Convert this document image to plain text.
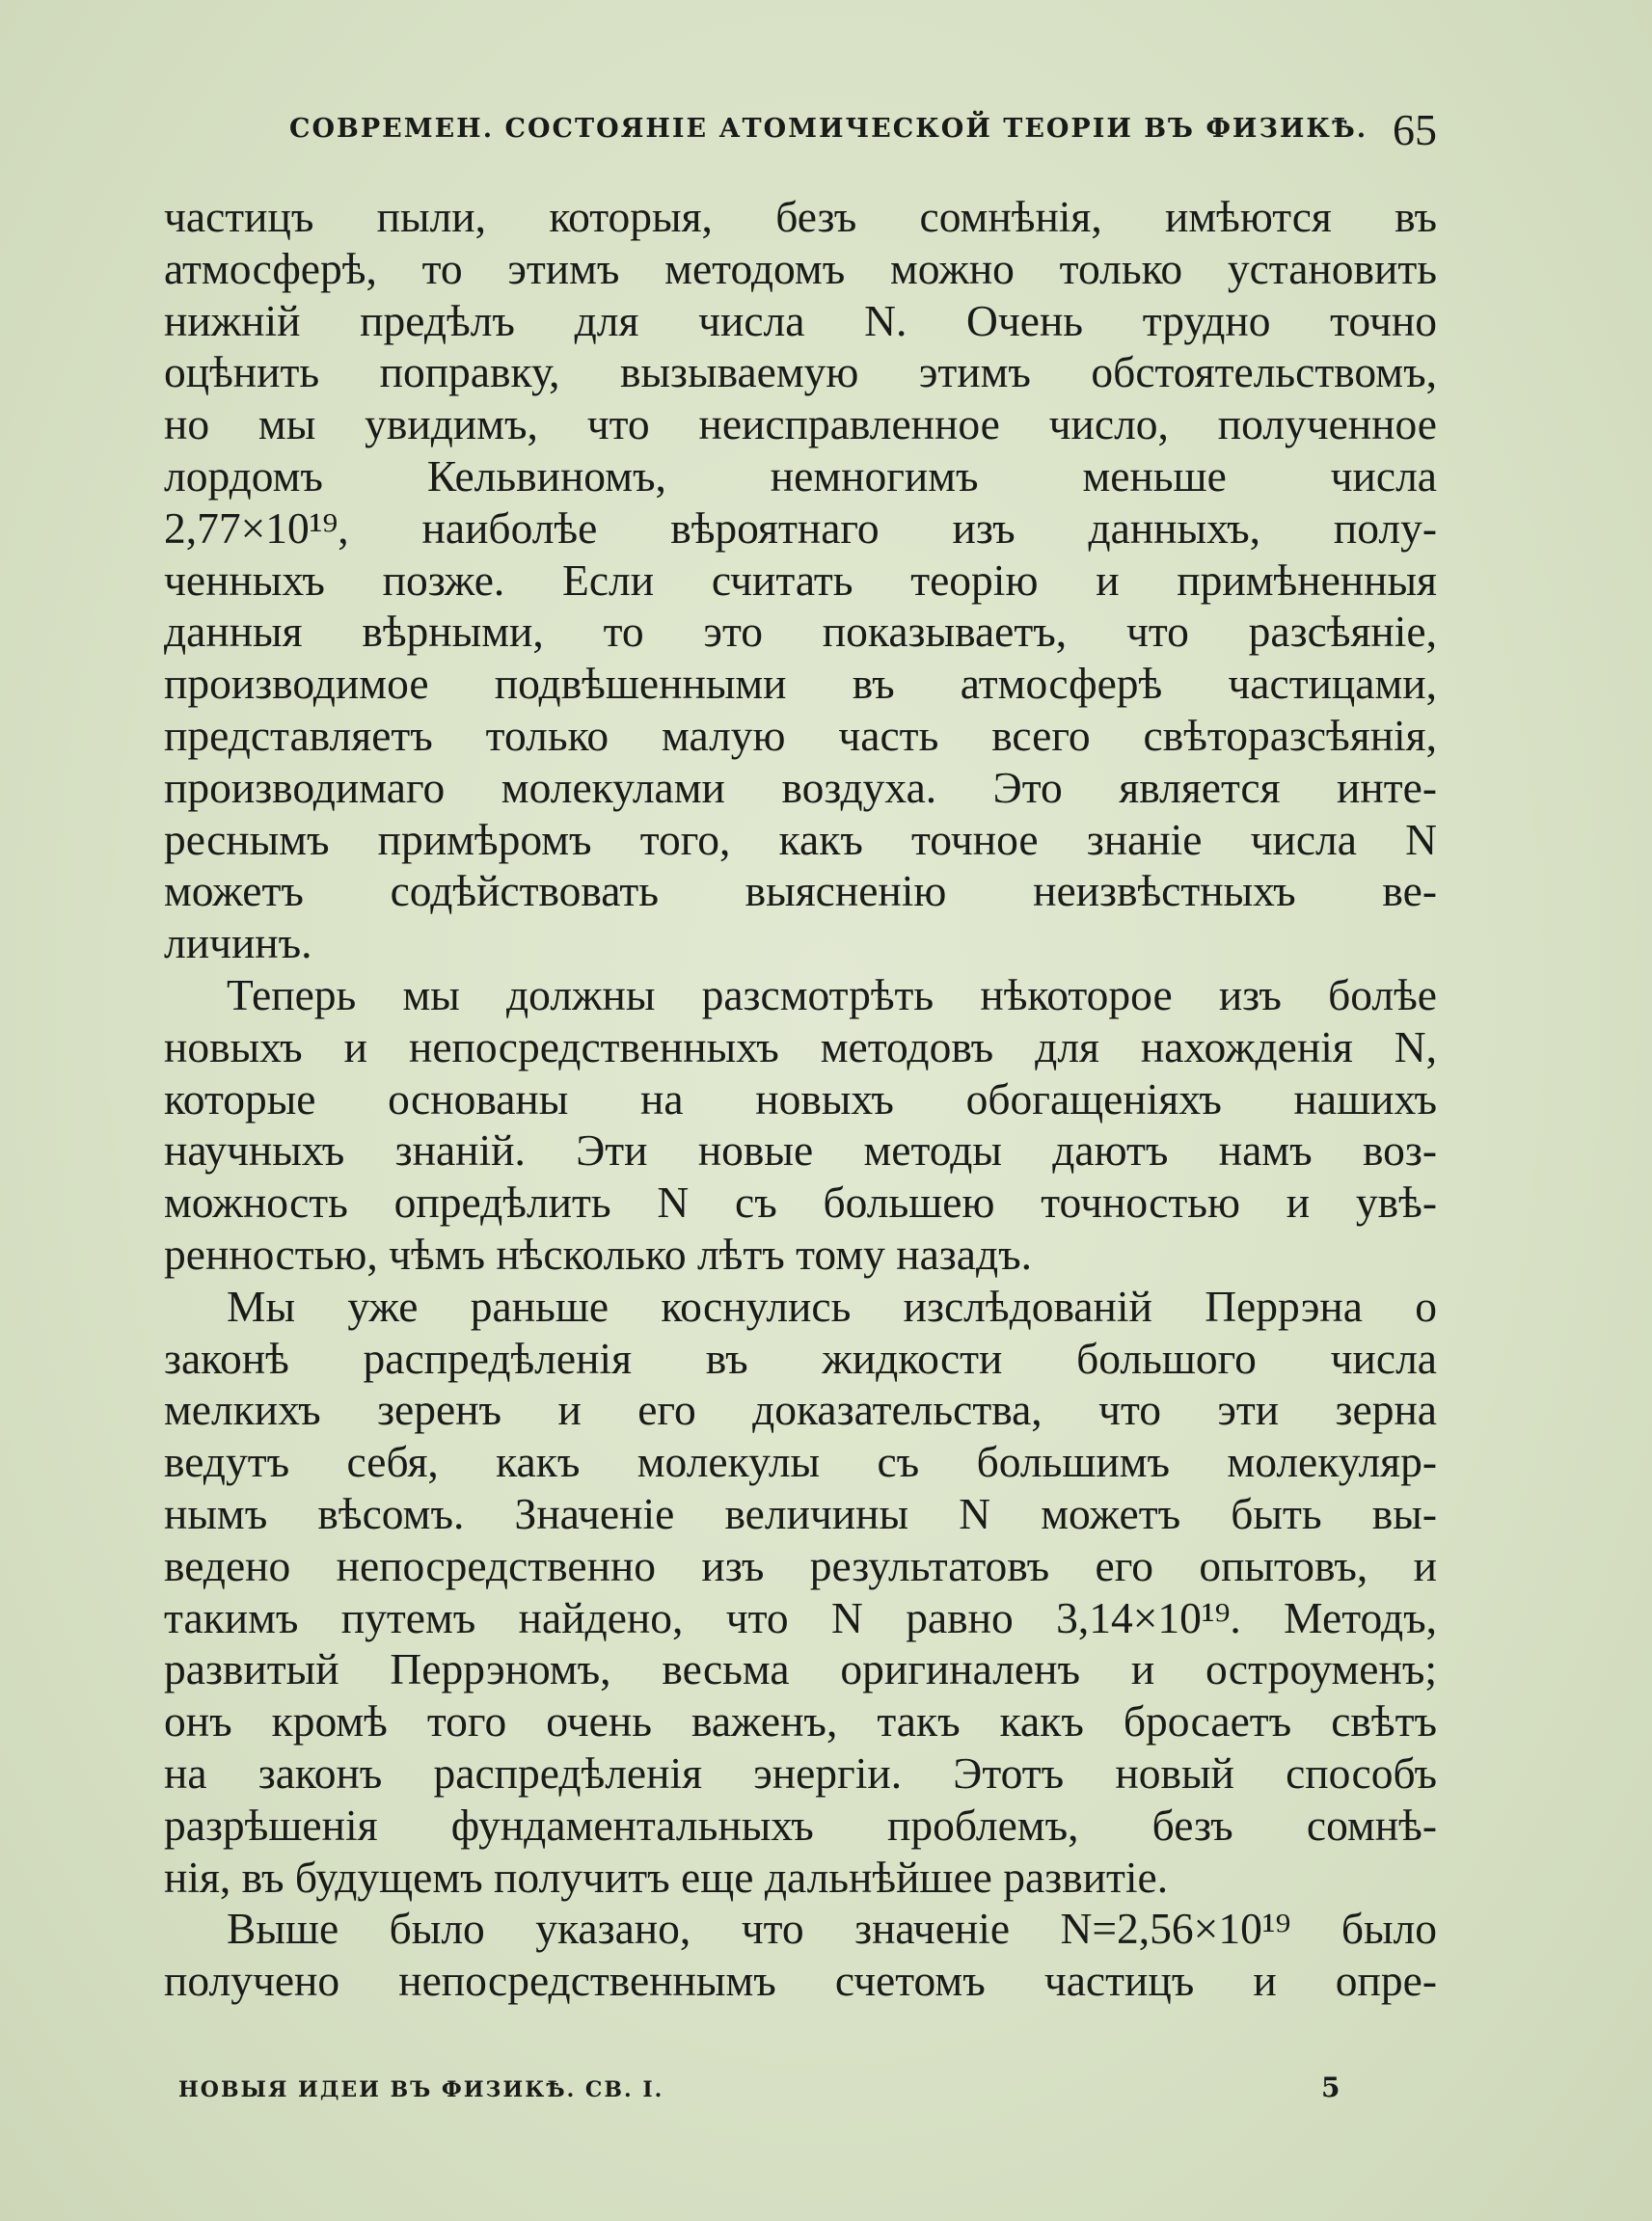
СОВРЕМЕН. СОСТОЯНІЕ АТОМИЧЕСКОЙ ТЕОРІИ ВЪ ФИЗИКѢ. 65
частицъ пыли, которыя, безъ сомнѣнія, имѣются въ
атмосферѣ, то этимъ методомъ можно только установить
нижній предѣлъ для числа N. Очень трудно точно
оцѣнить поправку, вызываемую этимъ обстоятельствомъ,
но мы увидимъ, что неисправленное число, полученное
лордомъ Кельвиномъ, немногимъ меньше числа
2,77×10¹⁹, наиболѣе вѣроятнаго изъ данныхъ, полу-
ченныхъ позже. Если считать теорію и примѣненныя
данныя вѣрными, то это показываетъ, что разсѣяніе,
производимое подвѣшенными въ атмосферѣ частицами,
представляетъ только малую часть всего свѣторазсѣянія,
производимаго молекулами воздуха. Это является инте-
реснымъ примѣромъ того, какъ точное знаніе числа N
можетъ содѣйствовать выясненію неизвѣстныхъ ве-
личинъ.
Теперь мы должны разсмотрѣть нѣкоторое изъ болѣе
новыхъ и непосредственныхъ методовъ для нахожденія N,
которые основаны на новыхъ обогащеніяхъ нашихъ
научныхъ знаній. Эти новые методы даютъ намъ воз-
можность опредѣлить N съ большею точностью и увѣ-
ренностью, чѣмъ нѣсколько лѣтъ тому назадъ.
Мы уже раньше коснулись изслѣдованій Перрэна о
законѣ распредѣленія въ жидкости большого числа
мелкихъ зеренъ и его доказательства, что эти зерна
ведутъ себя, какъ молекулы съ большимъ молекуляр-
нымъ вѣсомъ. Значеніе величины N можетъ быть вы-
ведено непосредственно изъ результатовъ его опытовъ, и
такимъ путемъ найдено, что N равно 3,14×10¹⁹. Методъ,
развитый Перрэномъ, весьма оригиналенъ и остроуменъ;
онъ кромѣ того очень важенъ, такъ какъ бросаетъ свѣтъ
на законъ распредѣленія энергіи. Этотъ новый способъ
разрѣшенія фундаментальныхъ проблемъ, безъ сомнѣ-
нія, въ будущемъ получитъ еще дальнѣйшее развитіе.
Выше было указано, что значеніе N=2,56×10¹⁹ было
получено непосредственнымъ счетомъ частицъ и опре-
НОВЫЯ ИДЕИ ВЪ ФИЗИКѢ. СВ. I.	5
